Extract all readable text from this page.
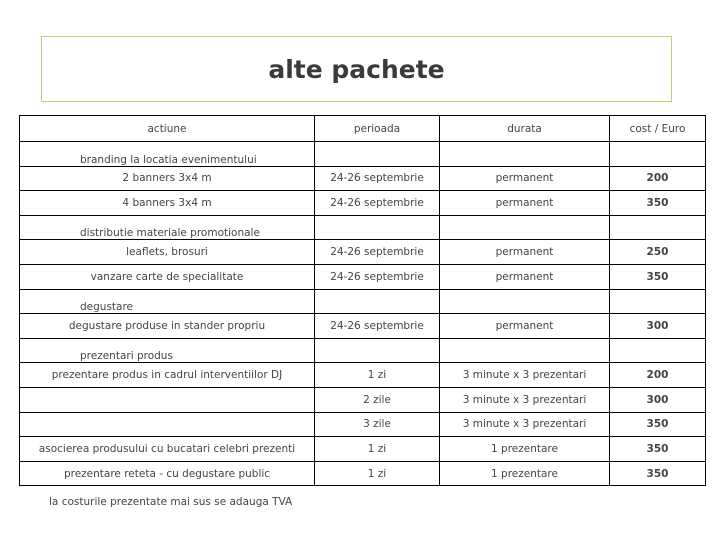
alte pachete
actiune	perioada	durata	cost / Euro
branding la locatia evenimentului			
2 banners 3x4 m	24-26 septembrie	permanent	200
4 banners 3x4 m	24-26 septembrie	permanent	350
distributie materiale promotionale			
leaflets, brosuri	24-26 septembrie	permanent	250
vanzare carte de specialitate	24-26 septembrie	permanent	350
degustare			
degustare produse in stander propriu	24-26 septembrie	permanent	300
prezentari produs			
prezentare produs in cadrul interventiilor DJ	1 zi	3 minute x 3 prezentari	200
	2 zile	3 minute x 3 prezentari	300
	3 zile	3 minute x 3 prezentari	350
asocierea produsului cu bucatari celebri prezenti	1 zi	1 prezentare	350
prezentare reteta - cu degustare public	1 zi	1 prezentare	350
la costurile prezentate mai sus se adauga TVA
